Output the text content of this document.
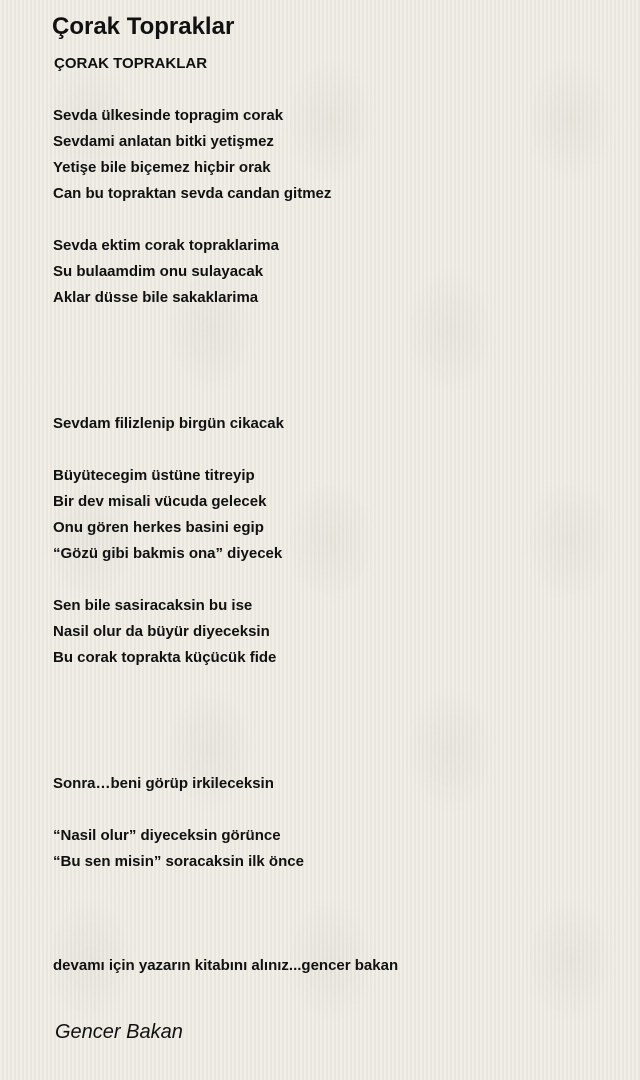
Çorak Topraklar
ÇORAK TOPRAKLAR
Sevda ülkesinde topragim corak
Sevdami anlatan bitki yetişmez
Yetişe bile biçemez hiçbir orak
Can bu topraktan sevda candan gitmez
Sevda ektim corak topraklarima
Su bulaamdim onu sulayacak
Aklar düsse bile sakaklarima
Sevdam filizlenip birgün cikacak
Büyütecegim üstüne titreyip
Bir dev misali vücuda gelecek
Onu gören herkes basini egip
“Gözü gibi bakmis ona” diyecek
Sen bile sasiracaksin bu ise
Nasil olur da büyür diyeceksin
Bu corak toprakta küçücük fide
Sonra…beni görüp irkileceksin
“Nasil olur” diyeceksin görünce
“Bu sen misin” soracaksin ilk önce
devamı için yazarın kitabını alınız...gencer bakan
Gencer Bakan
